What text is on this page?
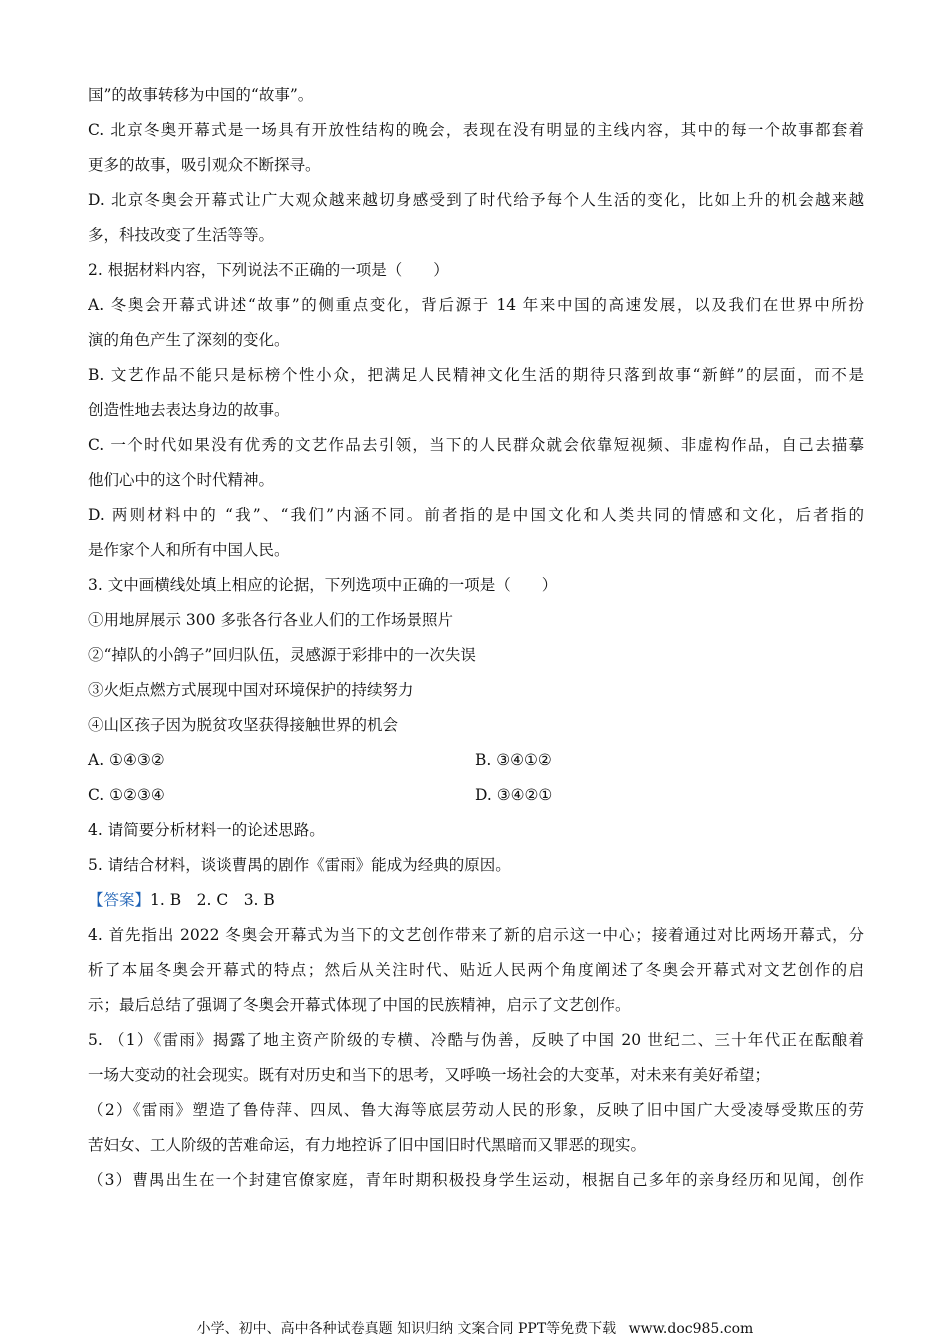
国”的故事转移为中国的“故事”。
C. 北京冬奥开幕式是一场具有开放性结构的晚会，表现在没有明显的主线内容，其中的每一个故事都套着
更多的故事，吸引观众不断探寻。
D. 北京冬奥会开幕式让广大观众越来越切身感受到了时代给予每个人生活的变化，比如上升的机会越来越
多，科技改变了生活等等。
2. 根据材料内容，下列说法不正确的一项是（　　）
A. 冬奥会开幕式讲述“故事”的侧重点变化，背后源于 14 年来中国的高速发展，以及我们在世界中所扮
演的角色产生了深刻的变化。
B. 文艺作品不能只是标榜个性小众，把满足人民精神文化生活的期待只落到故事“新鲜”的层面，而不是
创造性地去表达身边的故事。
C. 一个时代如果没有优秀的文艺作品去引领，当下的人民群众就会依靠短视频、非虚构作品，自己去描摹
他们心中的这个时代精神。
D. 两则材料中的 “我”、“我们”内涵不同。前者指的是中国文化和人类共同的情感和文化，后者指的
是作家个人和所有中国人民。
3. 文中画横线处填上相应的论据，下列选项中正确的一项是（　　）
①用地屏展示 300 多张各行各业人们的工作场景照片
②“掉队的小鸽子”回归队伍，灵感源于彩排中的一次失误
③火炬点燃方式展现中国对环境保护的持续努力
④山区孩子因为脱贫攻坚获得接触世界的机会
A. ①④③②	B. ③④①②
C. ①②③④	D. ③④②①
4. 请简要分析材料一的论述思路。
5. 请结合材料，谈谈曹禺的剧作《雷雨》能成为经典的原因。
【答案】1. B　2. C　3. B
4. 首先指出 2022 冬奥会开幕式为当下的文艺创作带来了新的启示这一中心；接着通过对比两场开幕式，分
析了本届冬奥会开幕式的特点；然后从关注时代、贴近人民两个角度阐述了冬奥会开幕式对文艺创作的启
示；最后总结了强调了冬奥会开幕式体现了中国的民族精神，启示了文艺创作。
5. （1）《雷雨》揭露了地主资产阶级的专横、冷酷与伪善，反映了中国 20 世纪二、三十年代正在酝酿着
一场大变动的社会现实。既有对历史和当下的思考，又呼唤一场社会的大变革，对未来有美好希望；
（2）《雷雨》塑造了鲁侍萍、四凤、鲁大海等底层劳动人民的形象，反映了旧中国广大受凌辱受欺压的劳
苦妇女、工人阶级的苦难命运，有力地控诉了旧中国旧时代黑暗而又罪恶的现实。
（3）曹禺出生在一个封建官僚家庭，青年时期积极投身学生运动，根据自己多年的亲身经历和见闻，创作
小学、初中、高中各种试卷真题 知识归纳 文案合同 PPT等免费下载 www.doc985.com
